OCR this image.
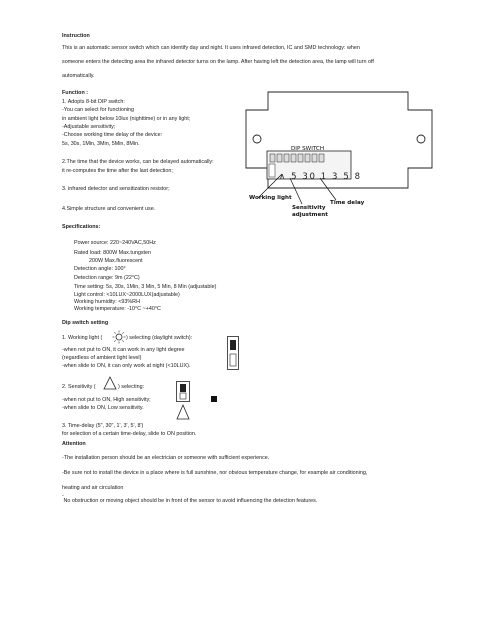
Instruction
This is an automatic sensor switch which can identify day and night. It uses infrared detection, IC and SMD technology: when
someone enters the detecting area the infrared detector turns on the lamp. After having left the detection area, the lamp will turn off
automatically.
Function :
1. Adopts 8-bit DIP switch:
-You can select for functioning
in ambient light below 10lux (nighttime) or in any light;
-Adjustable sensitivity;
-Choose working time delay of the device:
5s, 30s, 1Min, 3Min, 5Min, 8Min.
2.The time that the device works, can be delayed automatically:
it re-computes the time after the last detection;
3. infrared detector and sensitization resistor;
4.Simple structure and convenient use.
DIP SWITCH
∧ 5 30 1 3 5 8
Working light
Sensitivity
adjustment
Time delay
Specifications:
Power source: 220~240VAC,50Hz
Rated load: 800W Max.tungsten
200W Max.fluorescent
Detection angle: 100°
Detection range: 9m (22°C)
Time setting: 5s, 30s, 1Min, 3 Min, 5 Min, 8 Min (adjustable)
Light control: <10LUX~2000LUX(adjustable)
Working humidity: <93%RH
Working temperature: -10°C ~+40°C
Dip switch setting
1. Working light (	) selecting (daylight switch):
-when not put to ON, it can work in any light degree
(regardless of ambient light level)
-when slide to ON, it can only work at night (<10LUX).
2. Sensitivity (	) selecting:
-when not put to ON, High sensitivity;
-when slide to ON, Low sensitivity.
3. Time-delay (5", 30", 1', 3', 5', 8')
for selection of a certain time-delay, slide to ON position.
Attention
-The installation person should be an electrician or someone with sufficient experience.
-Be sure not to install the device in a place where is full sunshine, nor obvious temperature change, for example air conditioning,
heating and air circulation
-
No obstruction or moving object should be in front of the sensor to avoid influencing the detection features.
